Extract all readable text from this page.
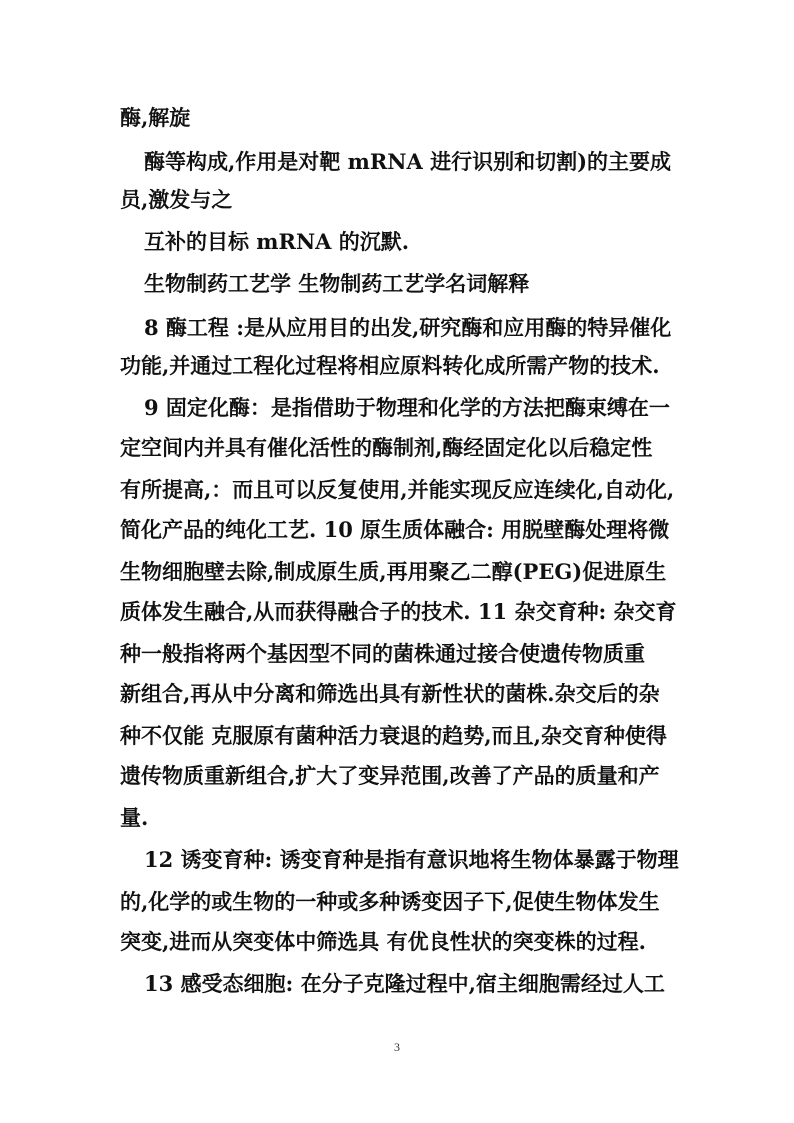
酶,解旋
酶等构成,作用是对靶 mRNA 进行识别和切割)的主要成
员,激发与之
互补的目标 mRNA 的沉默.
生物制药工艺学 生物制药工艺学名词解释
8 酶工程 :是从应用目的出发,研究酶和应用酶的特异催化
功能,并通过工程化过程将相应原料转化成所需产物的技术.
9 固定化酶：是指借助于物理和化学的方法把酶束缚在一
定空间内并具有催化活性的酶制剂,酶经固定化以后稳定性
有所提高,：而且可以反复使用,并能实现反应连续化,自动化,
简化产品的纯化工艺. 10 原生质体融合: 用脱壁酶处理将微
生物细胞壁去除,制成原生质,再用聚乙二醇(PEG)促进原生
质体发生融合,从而获得融合子的技术. 11 杂交育种: 杂交育
种一般指将两个基因型不同的菌株通过接合使遗传物质重
新组合,再从中分离和筛选出具有新性状的菌株.杂交后的杂
种不仅能 克服原有菌种活力衰退的趋势,而且,杂交育种使得
遗传物质重新组合,扩大了变异范围,改善了产品的质量和产
量.
12 诱变育种: 诱变育种是指有意识地将生物体暴露于物理
的,化学的或生物的一种或多种诱变因子下,促使生物体发生
突变,进而从突变体中筛选具 有优良性状的突变株的过程.
13 感受态细胞: 在分子克隆过程中,宿主细胞需经过人工
3
